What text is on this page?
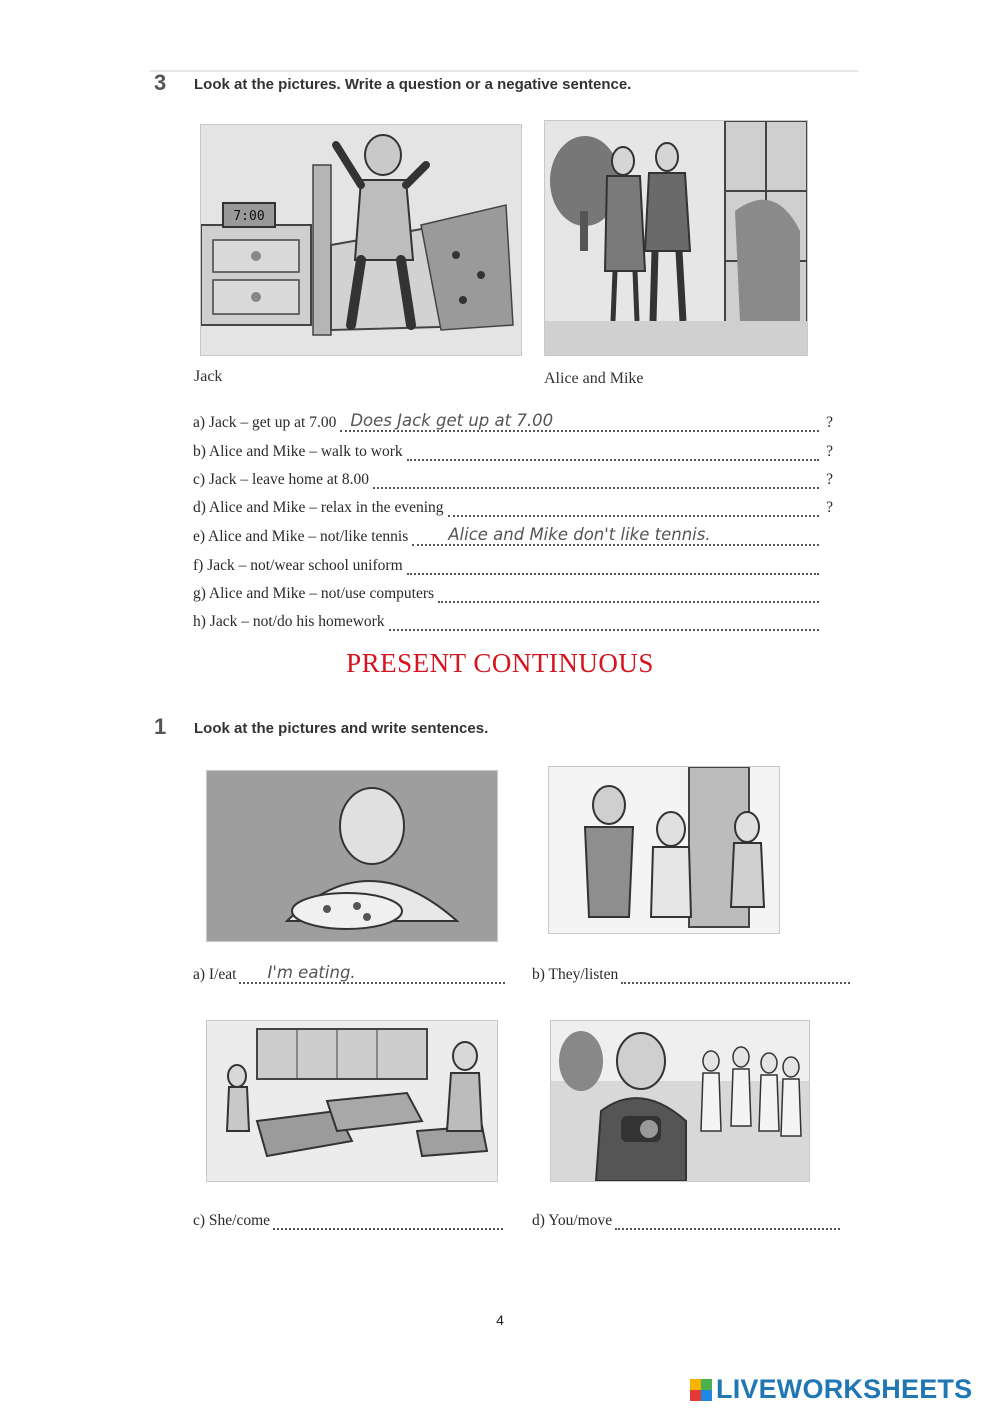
3 Look at the pictures. Write a question or a negative sentence.
7:00
Jack	Alice and Mike
a) Jack – get up at 7.00 Does Jack get up at 7.00	?
b) Alice and Mike – walk to work	?
c) Jack – leave home at 8.00	?
d) Alice and Mike – relax in the evening	?
e) Alice and Mike – not/like tennis Alice and Mike don't like tennis.
f) Jack – not/wear school uniform
g) Alice and Mike – not/use computers
h) Jack – not/do his homework
PRESENT CONTINUOUS
1 Look at the pictures and write sentences.
a) I/eat I'm eating.	b) They/listen
c) She/come	d) You/move
4
LIVEWORKSHEETS
